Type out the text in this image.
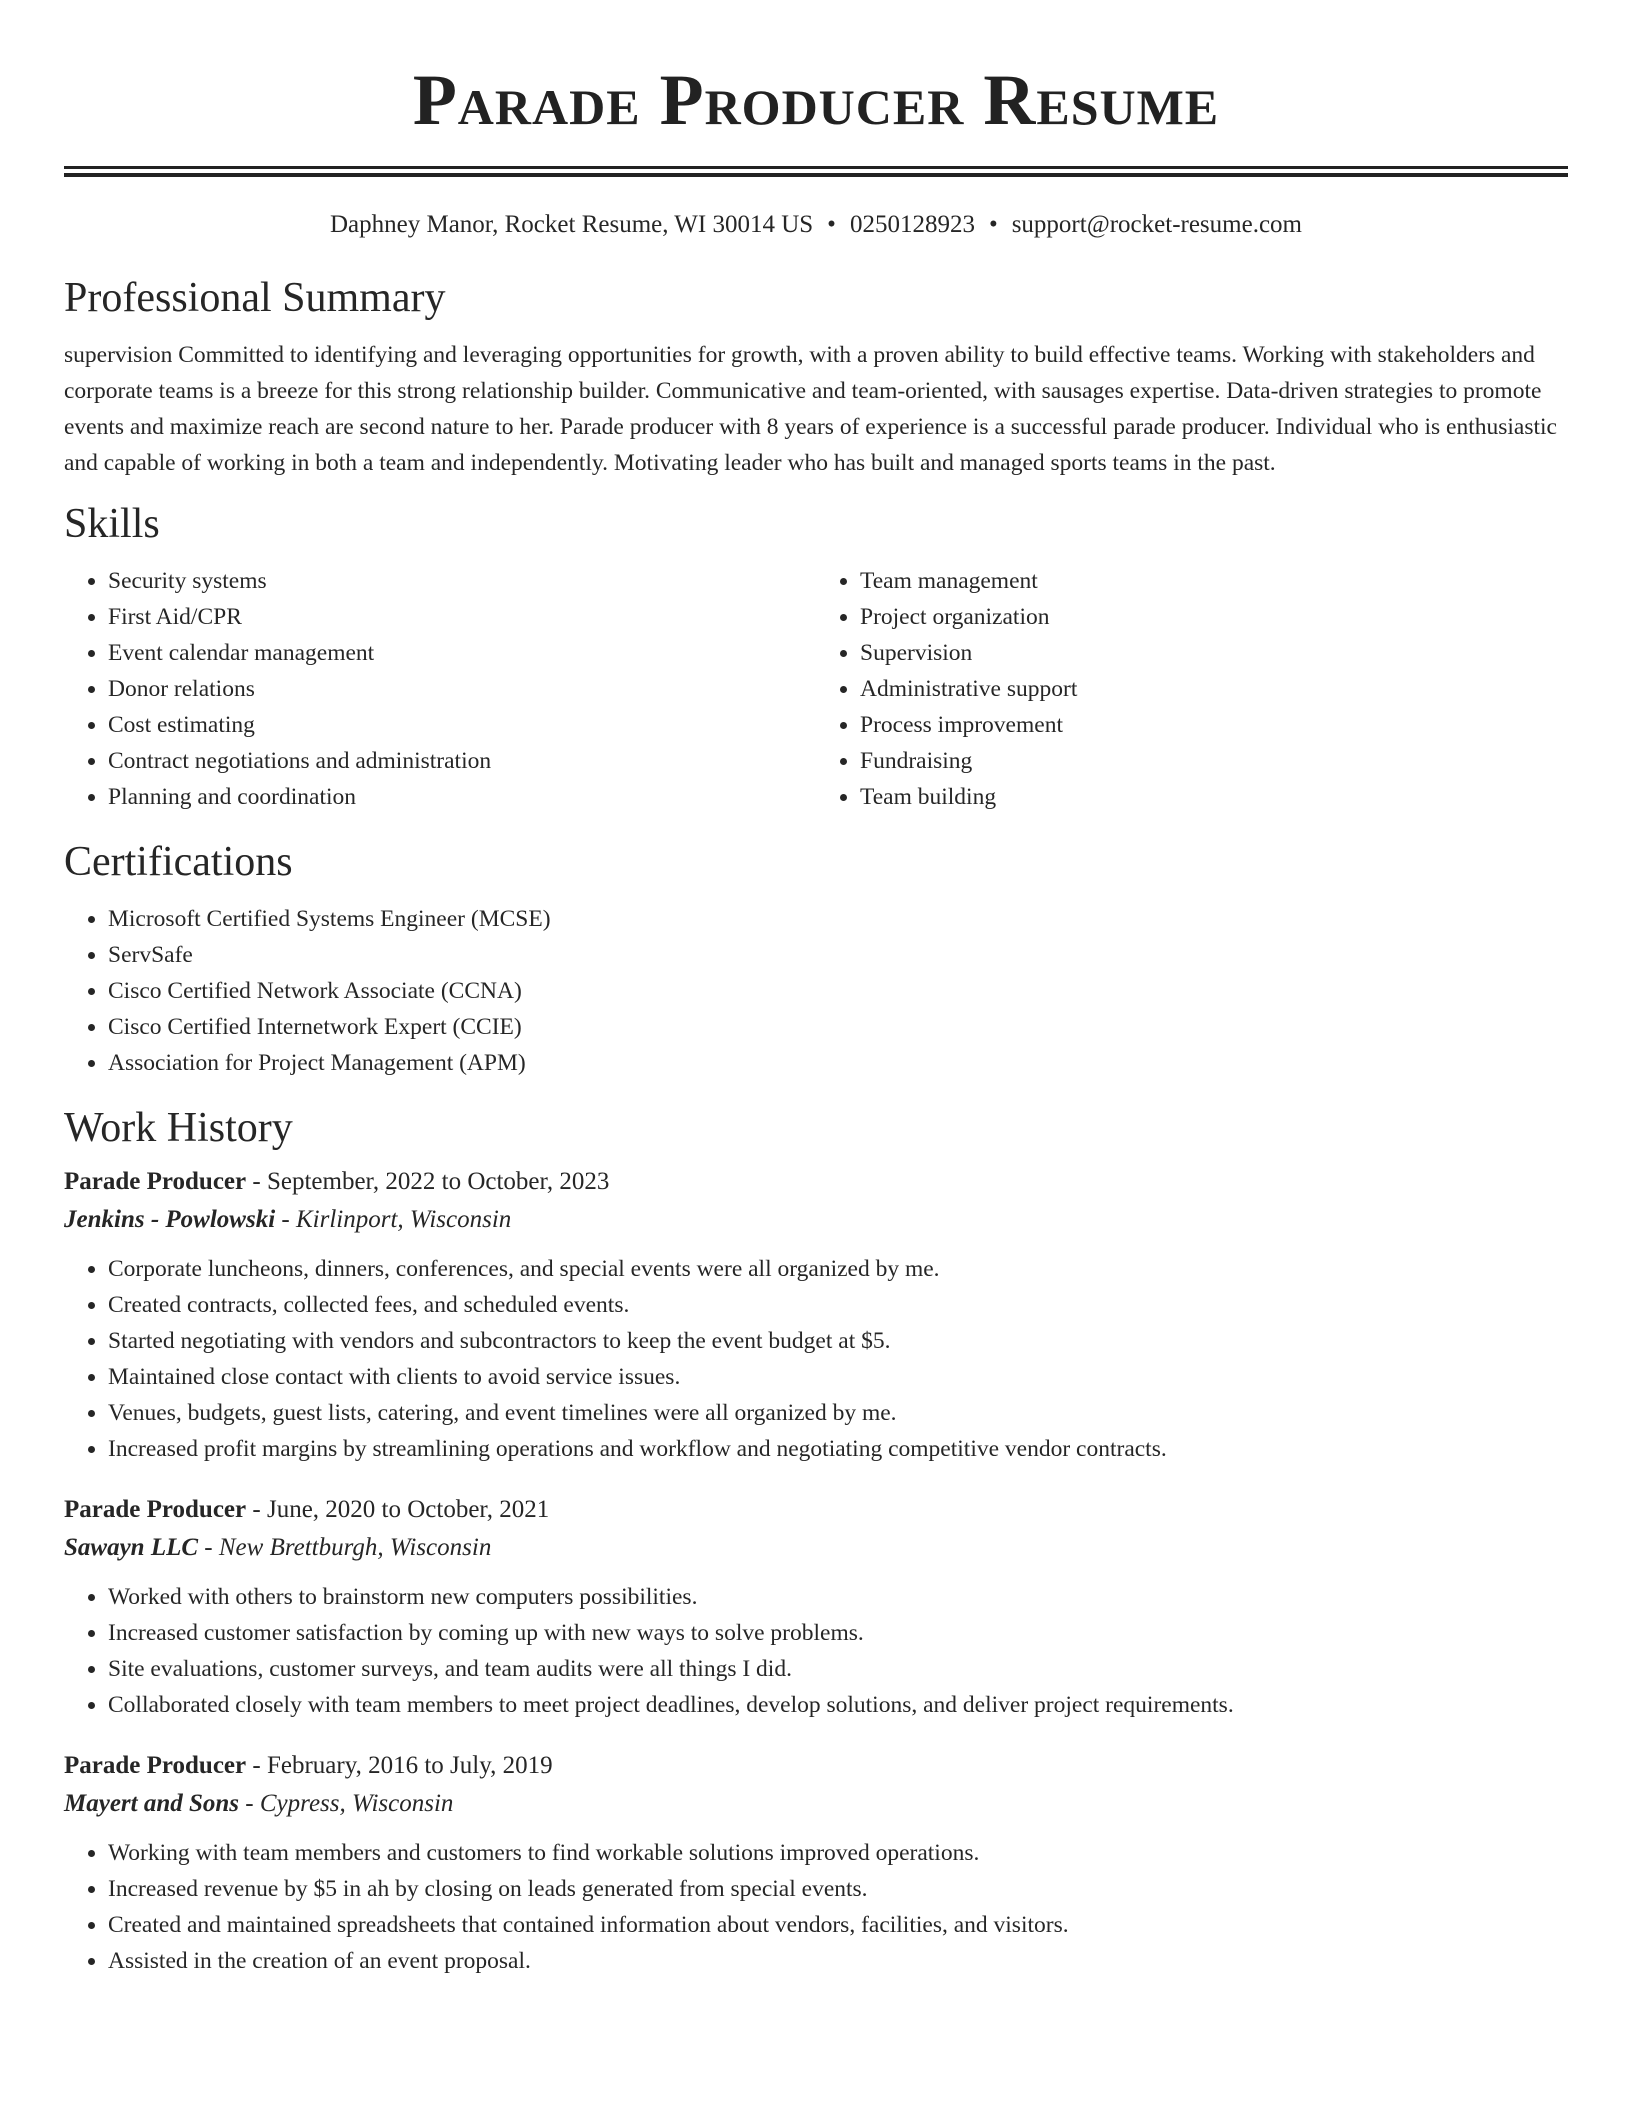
Parade Producer Resume
Daphney Manor, Rocket Resume, WI 30014 US • 0250128923 • support@rocket-resume.com
Professional Summary

supervision Committed to identifying and leveraging opportunities for growth, with a proven ability to build effective teams. Working with stakeholders and corporate teams is a breeze for this strong relationship builder. Communicative and team-oriented, with sausages expertise. Data-driven strategies to promote events and maximize reach are second nature to her. Parade producer with 8 years of experience is a successful parade producer. Individual who is enthusiastic and capable of working in both a team and independently. Motivating leader who has built and managed sports teams in the past.

Skills
• Security systems
• First Aid/CPR
• Event calendar management
• Donor relations
• Cost estimating
• Contract negotiations and administration
• Planning and coordination
• Team management
• Project organization
• Supervision
• Administrative support
• Process improvement
• Fundraising
• Team building
Certifications
• Microsoft Certified Systems Engineer (MCSE)
• ServSafe
• Cisco Certified Network Associate (CCNA)
• Cisco Certified Internetwork Expert (CCIE)
• Association for Project Management (APM)
Work History
Parade Producer - September, 2022 to October, 2023
Jenkins - Powlowski - Kirlinport, Wisconsin
• Corporate luncheons, dinners, conferences, and special events were all organized by me.
• Created contracts, collected fees, and scheduled events.
• Started negotiating with vendors and subcontractors to keep the event budget at $5.
• Maintained close contact with clients to avoid service issues.
• Venues, budgets, guest lists, catering, and event timelines were all organized by me.
• Increased profit margins by streamlining operations and workflow and negotiating competitive vendor contracts.
Parade Producer - June, 2020 to October, 2021
Sawayn LLC - New Brettburgh, Wisconsin
• Worked with others to brainstorm new computers possibilities.
• Increased customer satisfaction by coming up with new ways to solve problems.
• Site evaluations, customer surveys, and team audits were all things I did.
• Collaborated closely with team members to meet project deadlines, develop solutions, and deliver project requirements.
Parade Producer - February, 2016 to July, 2019
Mayert and Sons - Cypress, Wisconsin
• Working with team members and customers to find workable solutions improved operations.
• Increased revenue by $5 in ah by closing on leads generated from special events.
• Created and maintained spreadsheets that contained information about vendors, facilities, and visitors.
• Assisted in the creation of an event proposal.
